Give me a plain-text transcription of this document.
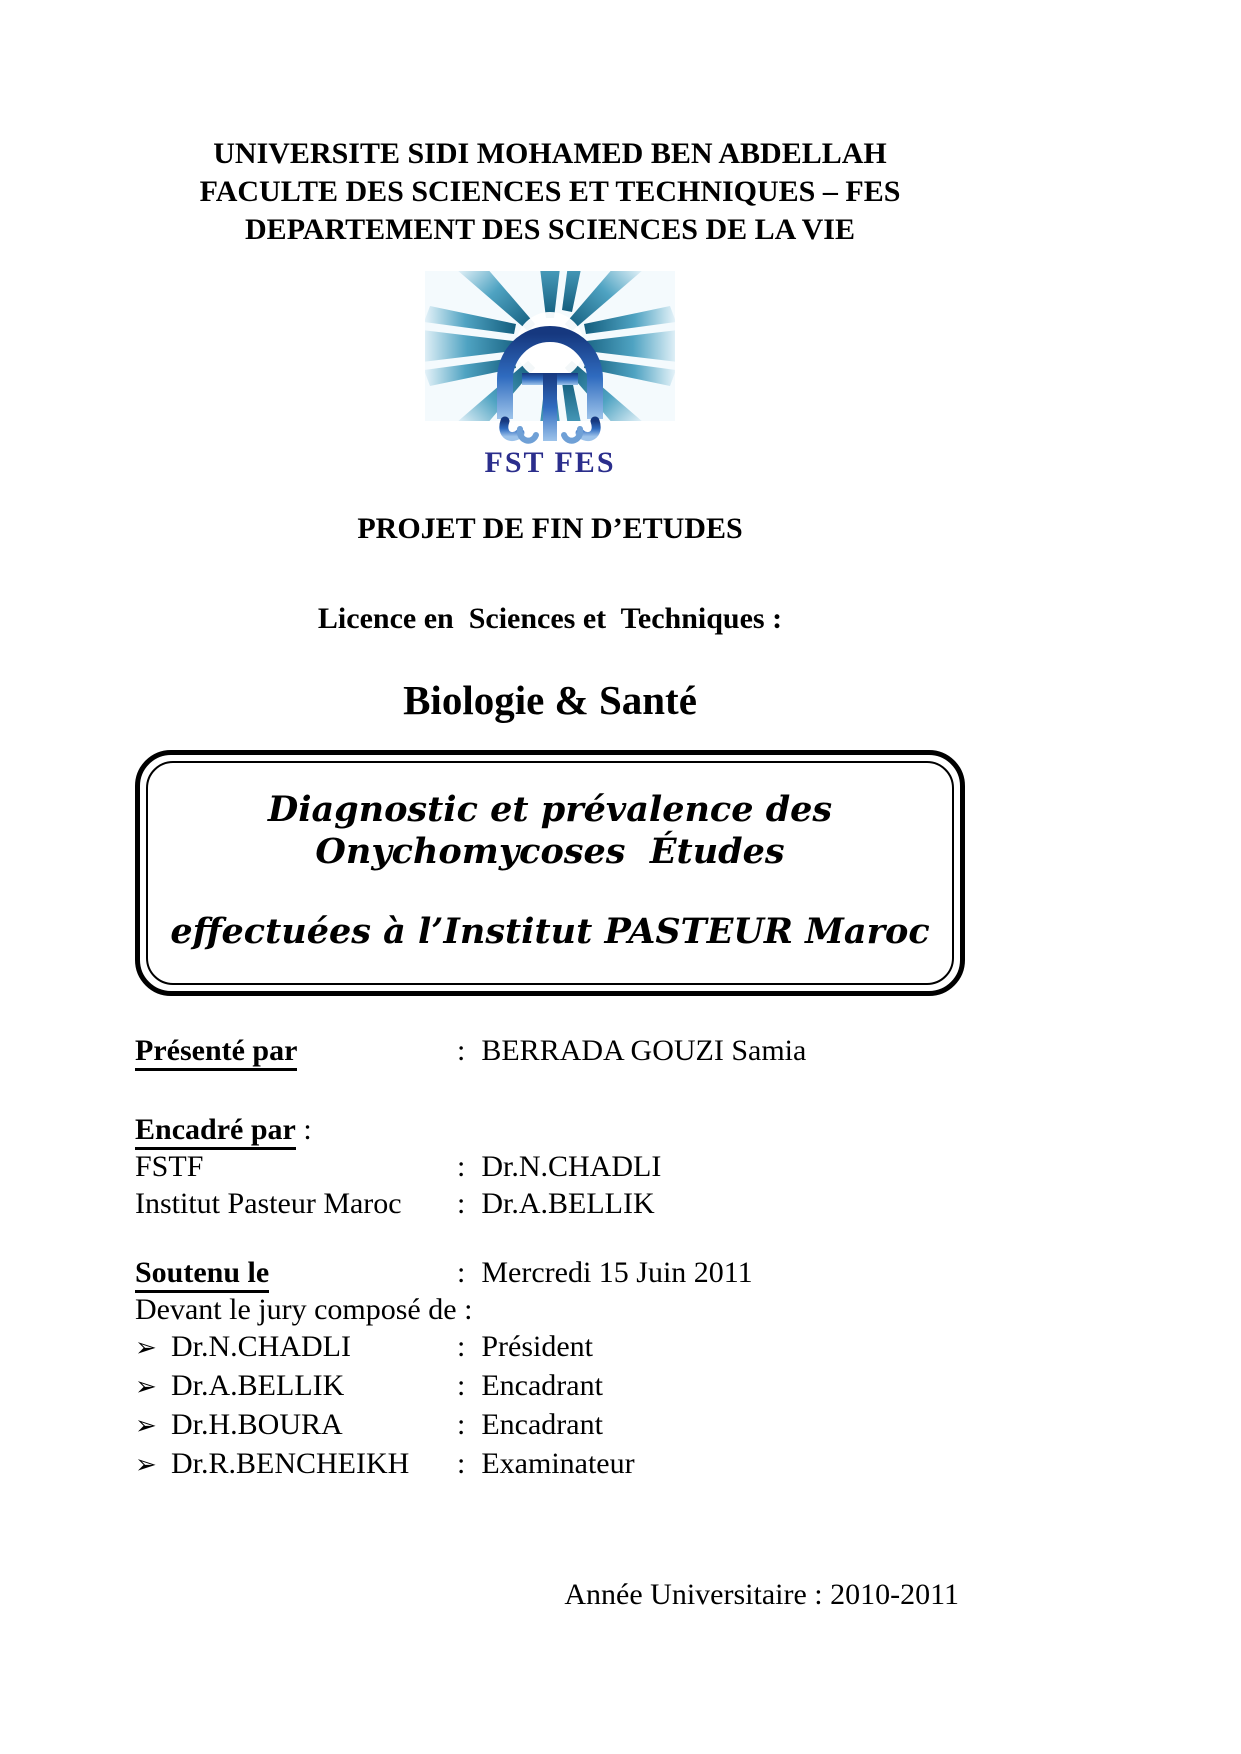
UNIVERSITE SIDI MOHAMED BEN ABDELLAH
FACULTE DES SCIENCES ET TECHNIQUES – FES
DEPARTEMENT DES SCIENCES DE LA VIE
FST FES
PROJET DE FIN D’ETUDES
Licence en  Sciences et  Techniques :
Biologie & Santé
Diagnostic et prévalence des Onychomycoses  Études
effectuées à l’Institut PASTEUR Maroc
Présenté par	: BERRADA GOUZI Samia
Encadré par :
FSTF	: Dr.N.CHADLI
Institut Pasteur Maroc : Dr.A.BELLIK
Soutenu le	: Mercredi 15 Juin 2011
Devant le jury composé de :
➢ Dr.N.CHADLI	: Président
➢ Dr.A.BELLIK	: Encadrant
➢ Dr.H.BOURA	: Encadrant
➢ Dr.R.BENCHEIKH : Examinateur
Année Universitaire : 2010-2011
